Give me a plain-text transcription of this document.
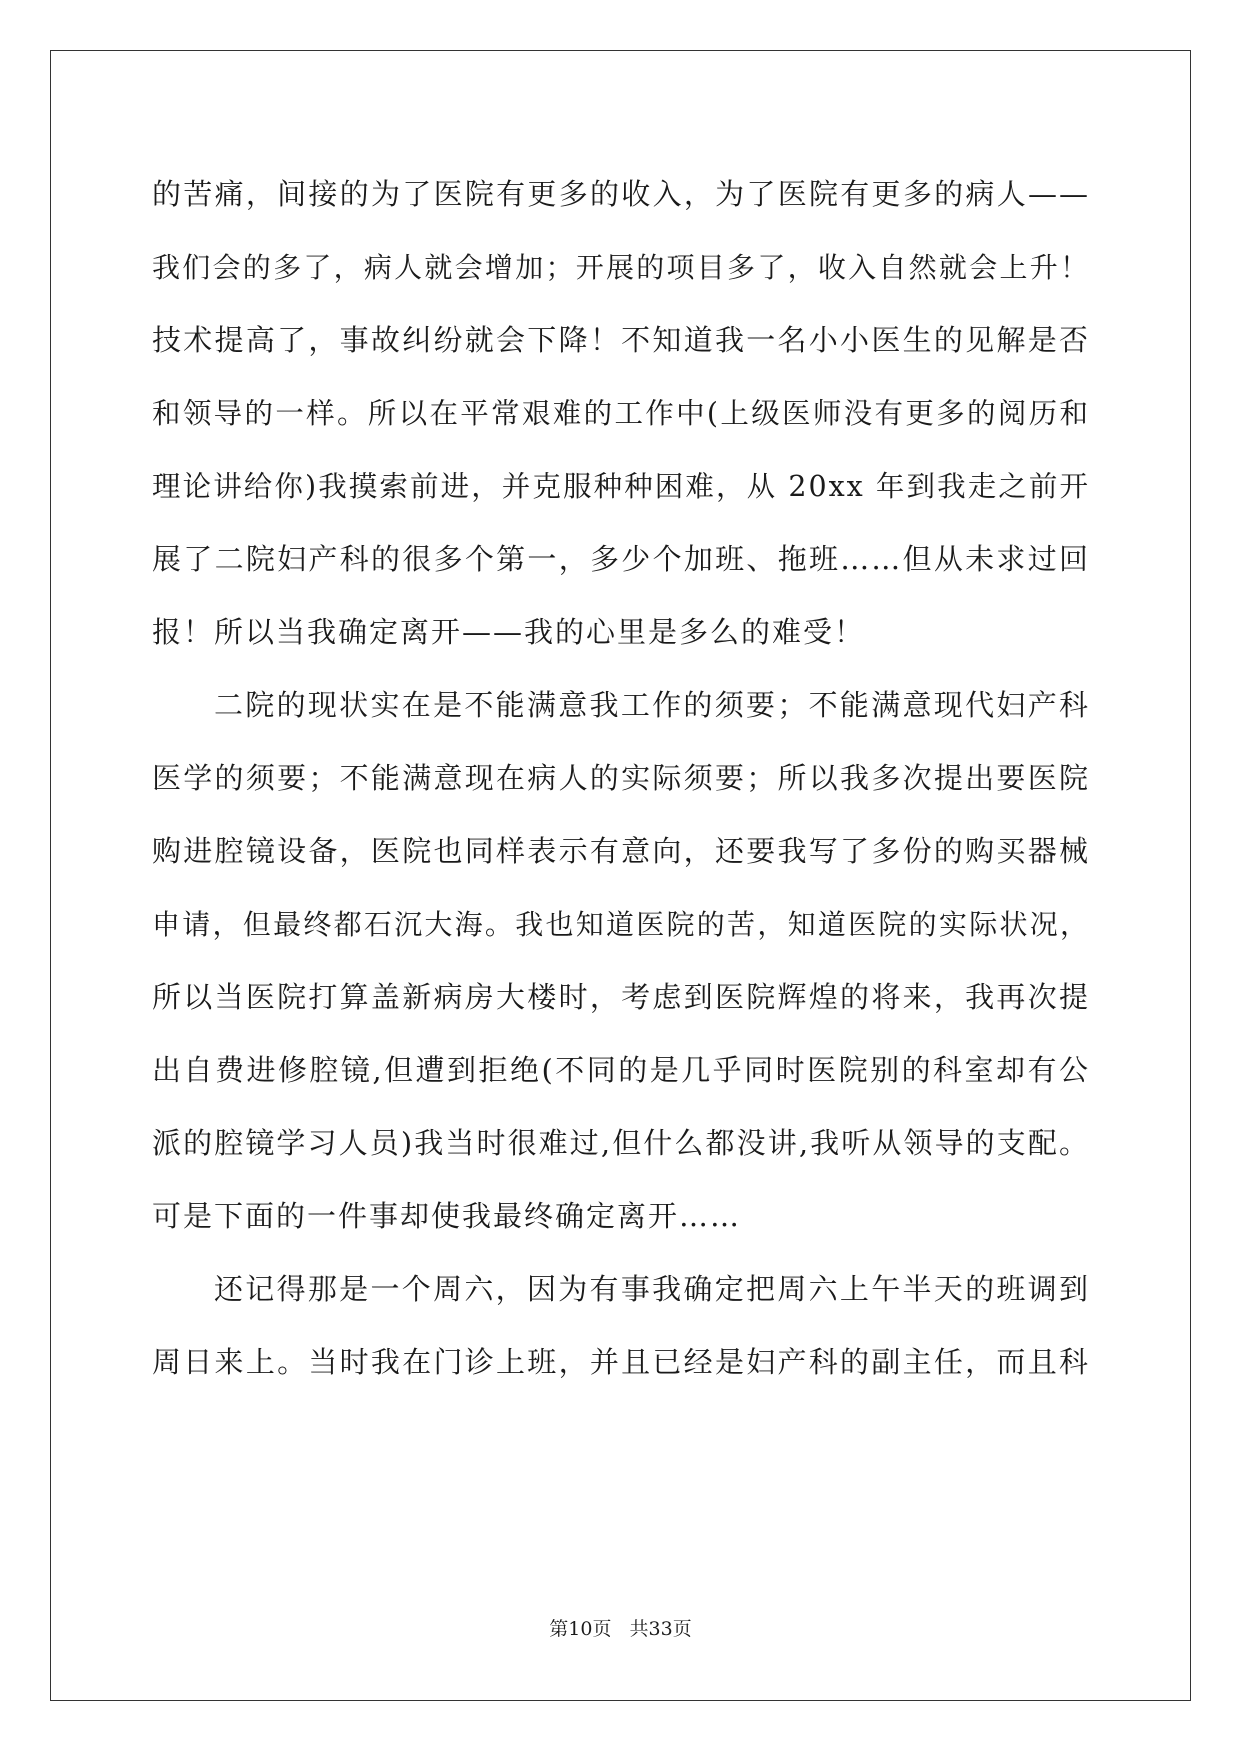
的苦痛，间接的为了医院有更多的收入，为了医院有更多的病人——
我们会的多了，病人就会增加；开展的项目多了，收入自然就会上升！
技术提高了，事故纠纷就会下降！不知道我一名小小医生的见解是否
和领导的一样。所以在平常艰难的工作中(上级医师没有更多的阅历和
理论讲给你)我摸索前进，并克服种种困难，从 20xx 年到我走之前开
展了二院妇产科的很多个第一，多少个加班、拖班……但从未求过回
报！所以当我确定离开——我的心里是多么的难受！
二院的现状实在是不能满意我工作的须要；不能满意现代妇产科
医学的须要；不能满意现在病人的实际须要；所以我多次提出要医院
购进腔镜设备，医院也同样表示有意向，还要我写了多份的购买器械
申请，但最终都石沉大海。我也知道医院的苦，知道医院的实际状况，
所以当医院打算盖新病房大楼时，考虑到医院辉煌的将来，我再次提
出自费进修腔镜,但遭到拒绝(不同的是几乎同时医院别的科室却有公
派的腔镜学习人员)我当时很难过,但什么都没讲,我听从领导的支配。
可是下面的一件事却使我最终确定离开……
还记得那是一个周六，因为有事我确定把周六上午半天的班调到
周日来上。当时我在门诊上班，并且已经是妇产科的副主任，而且科
第10页 共33页
